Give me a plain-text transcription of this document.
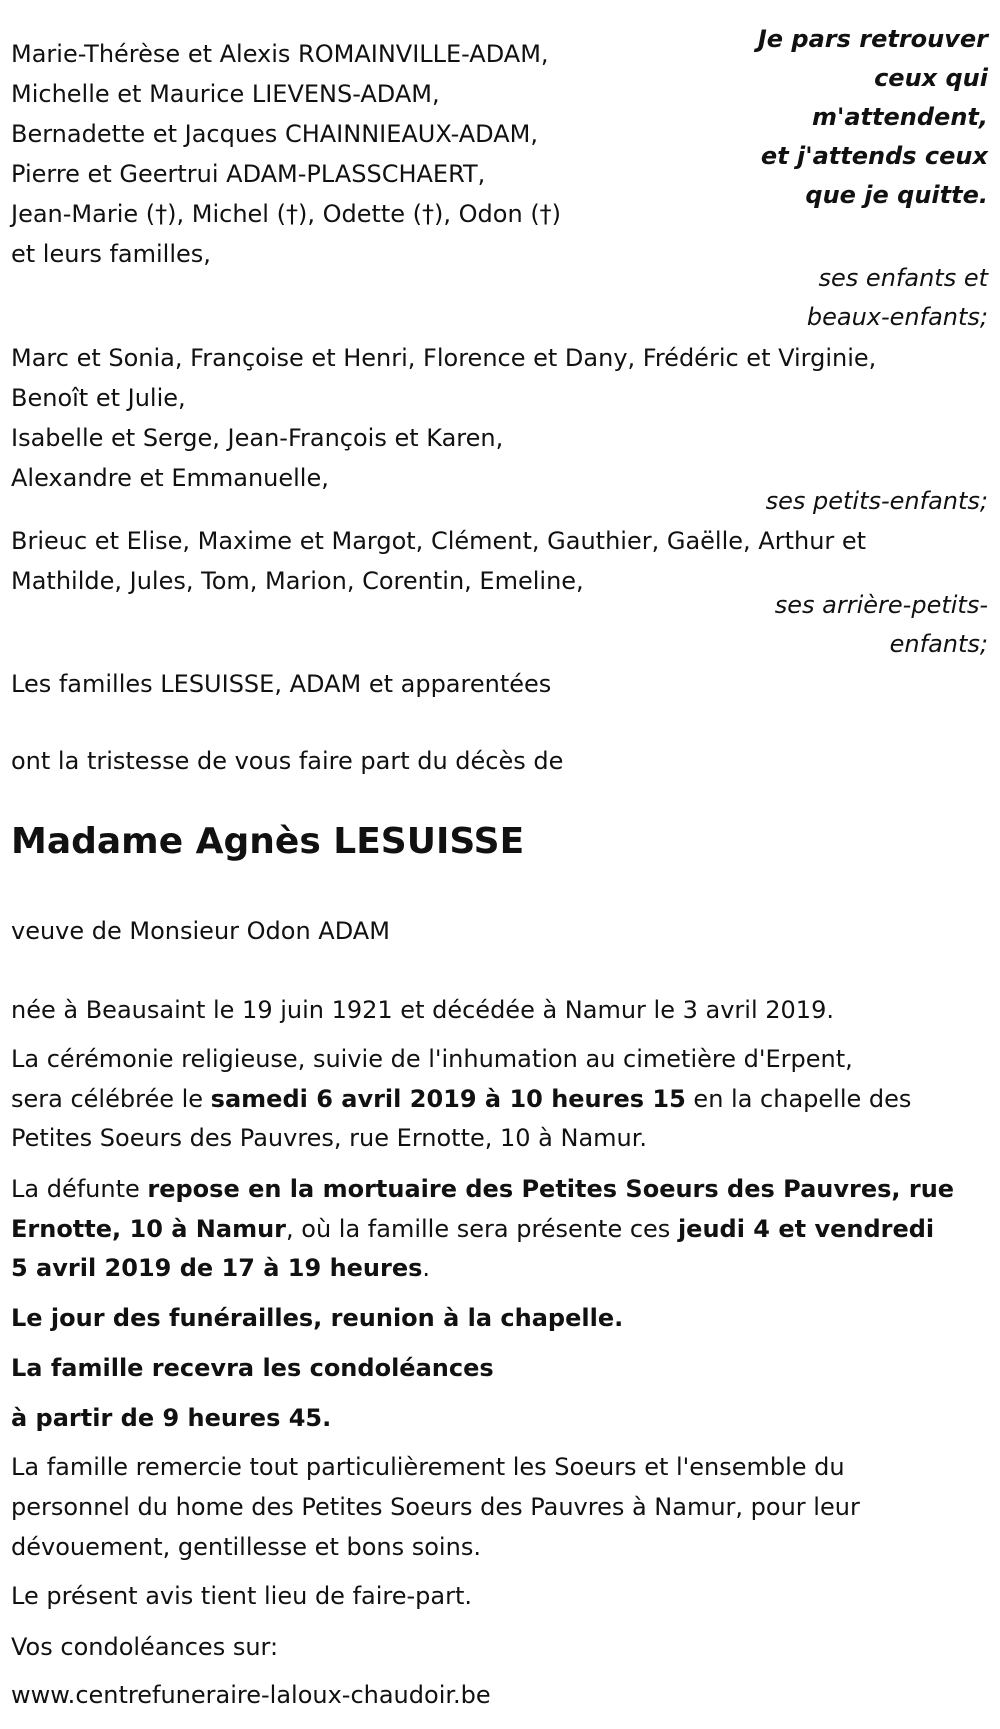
Je pars retrouver
ceux qui
m'attendent,
et j'attends ceux
que je quitte.
Marie-Thérèse et Alexis ROMAINVILLE-ADAM,
Michelle et Maurice LIEVENS-ADAM,
Bernadette et Jacques CHAINNIEAUX-ADAM,
Pierre et Geertrui ADAM-PLASSCHAERT,
Jean-Marie (†), Michel (†), Odette (†), Odon (†)
et leurs familles,
ses enfants et
beaux-enfants;
Marc et Sonia, Françoise et Henri, Florence et Dany, Frédéric et Virginie,
Benoît et Julie,
Isabelle et Serge, Jean-François et Karen,
Alexandre et Emmanuelle,
ses petits-enfants;
Brieuc et Elise, Maxime et Margot, Clément, Gauthier, Gaëlle, Arthur et
Mathilde, Jules, Tom, Marion, Corentin, Emeline,
ses arrière-petits-
enfants;
Les familles LESUISSE, ADAM et apparentées
ont la tristesse de vous faire part du décès de
Madame Agnès LESUISSE
veuve de Monsieur Odon ADAM
née à Beausaint le 19 juin 1921 et décédée à Namur le 3 avril 2019.
La cérémonie religieuse, suivie de l'inhumation au cimetière d'Erpent,
sera célébrée le samedi 6 avril 2019 à 10 heures 15 en la chapelle des
Petites Soeurs des Pauvres, rue Ernotte, 10 à Namur.
La défunte repose en la mortuaire des Petites Soeurs des Pauvres, rue
Ernotte, 10 à Namur, où la famille sera présente ces jeudi 4 et vendredi
5 avril 2019 de 17 à 19 heures.
Le jour des funérailles, reunion à la chapelle.
La famille recevra les condoléances
à partir de 9 heures 45.
La famille remercie tout particulièrement les Soeurs et l'ensemble du
personnel du home des Petites Soeurs des Pauvres à Namur, pour leur
dévouement, gentillesse et bons soins.
Le présent avis tient lieu de faire-part.
Vos condoléances sur:
www.centrefuneraire-laloux-chaudoir.be
